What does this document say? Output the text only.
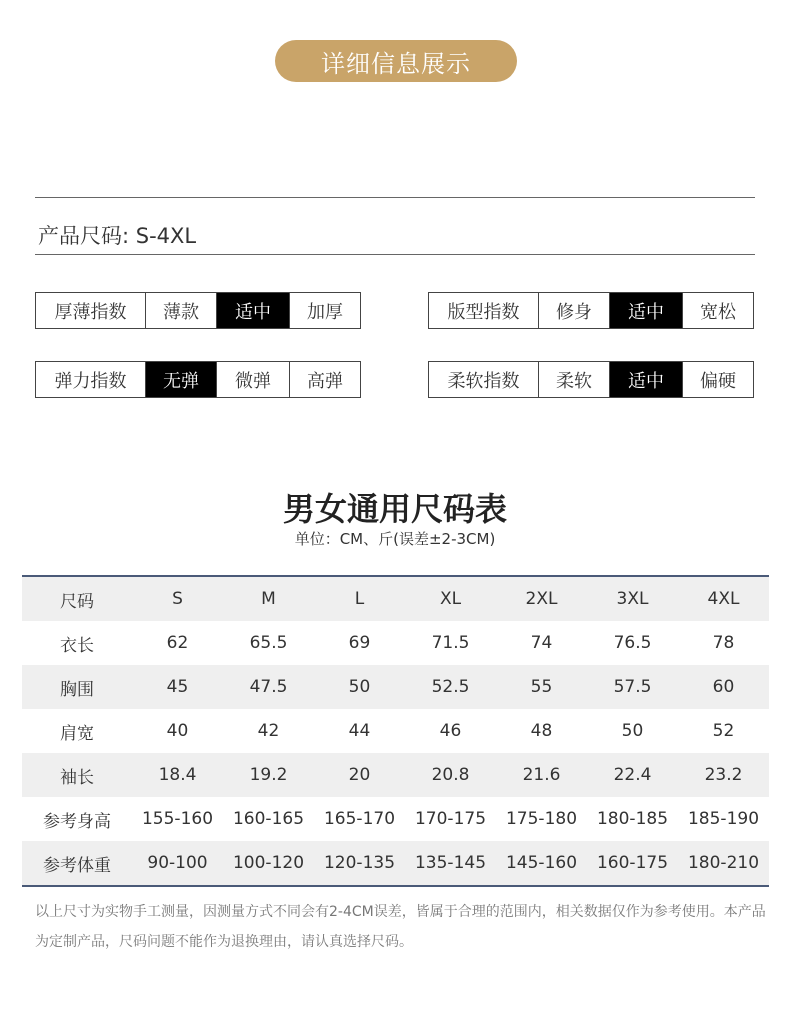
详细信息展示
产品尺码: S-4XL
厚薄指数	薄款	适中	加厚	版型指数	修身	适中	宽松
弹力指数	无弹	微弹	高弹	柔软指数	柔软	适中	偏硬
男女通用尺码表
单位：CM、斤(误差±2-3CM)
尺码	S	M	L	XL	2XL	3XL	4XL
衣长	62	65.5	69	71.5	74	76.5	78
胸围	45	47.5	50	52.5	55	57.5	60
肩宽	40	42	44	46	48	50	52
袖长	18.4	19.2	20	20.8	21.6	22.4	23.2
参考身高	155-160	160-165	165-170	170-175	175-180	180-185	185-190
参考体重	90-100	100-120	120-135	135-145	145-160	160-175	180-210
以上尺寸为实物手工测量，因测量方式不同会有2-4CM误差，皆属于合理的范围内，相关数据仅作为参考使用。本产品为定制产品，尺码问题不能作为退换理由，请认真选择尺码。
